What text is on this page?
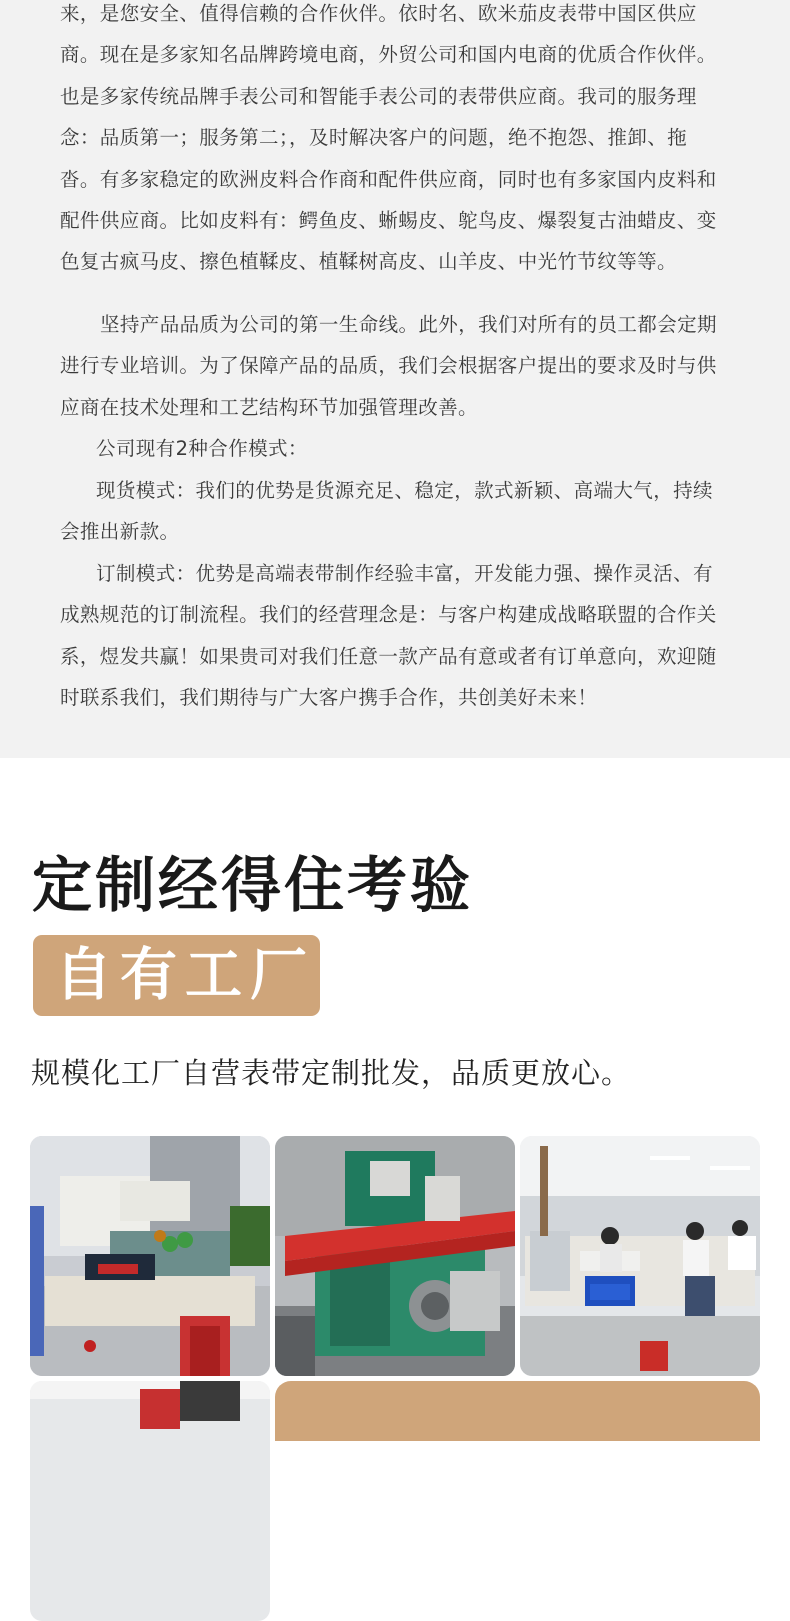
来，是您安全、值得信赖的合作伙伴。依时名、欧米茄皮表带中国区供应商。现在是多家知名品牌跨境电商，外贸公司和国内电商的优质合作伙伴。也是多家传统品牌手表公司和智能手表公司的表带供应商。我司的服务理念：品质第一；服务第二；，及时解决客户的问题，绝不抱怨、推卸、拖沓。有多家稳定的欧洲皮料合作商和配件供应商，同时也有多家国内皮料和配件供应商。比如皮料有：鳄鱼皮、蜥蜴皮、鸵鸟皮、爆裂复古油蜡皮、变色复古疯马皮、擦色植鞣皮、植鞣树高皮、山羊皮、中光竹节纹等等。

坚持产品品质为公司的第一生命线。此外，我们对所有的员工都会定期进行专业培训。为了保障产品的品质，我们会根据客户提出的要求及时与供应商在技术处理和工艺结构环节加强管理改善。

公司现有2种合作模式：

现货模式：我们的优势是货源充足、稳定，款式新颖、高端大气，持续会推出新款。

订制模式：优势是高端表带制作经验丰富，开发能力强、操作灵活、有成熟规范的订制流程。我们的经营理念是：与客户构建成战略联盟的合作关系，煜发共赢！如果贵司对我们任意一款产品有意或者有订单意向，欢迎随时联系我们，我们期待与广大客户携手合作，共创美好未来！

定制经得住考验

自有工厂

规模化工厂自营表带定制批发，品质更放心。
